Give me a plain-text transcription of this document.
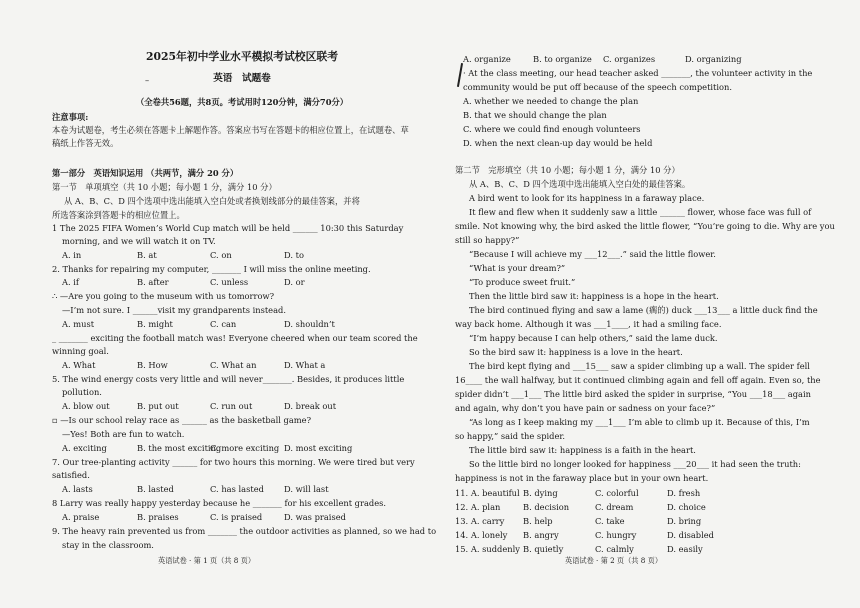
2025年初中学业水平模拟考试校区联考
–	英语　试题卷
（全卷共56题，共8页。考试用时120分钟，满分70分）
注意事项:
本卷为试题卷，考生必须在答题卡上解题作答。答案应书写在答题卡的相应位置上，在试题卷、草
稿纸上作答无效。
第一部分　英语知识运用 （共两节，满分 20 分）
第一节　单项填空（共 10 小题；每小题 1 分，满分 10 分）
从 A、B、C、D 四个选项中选出能填入空白处或者换划线部分的最佳答案，并将
所选答案涂到答题卡的相应位置上。
1 The 2025 FIFA Women’s World Cup match will be held ______ 10:30 this Saturday
morning, and we will watch it on TV.
A. in	B. at	C. on	D. to
2. Thanks for repairing my computer, _______ I will miss the online meeting.
A. if	B. after	C. unless	D. or
∴ —Are you going to the museum with us tomorrow?
—I’m not sure. I ______visit my grandparents instead.
A. must	B. might	C. can	D. shouldn’t
_ _______ exciting the football match was! Everyone cheered when our team scored the
winning goal.
A. What	B. How	C. What an	D. What a
5. The wind energy costs very little and will never_______. Besides, it produces little
pollution.
A. blow out	B. put out	C. run out	D. break out
▫ —Is our school relay race as ______ as the basketball game?
—Yes! Both are fun to watch.
A. exciting	B. the most exciting
C. more exciting D. most exciting
7. Our tree-planting activity ______ for two hours this morning. We were tired but very
satisfied.
A. lasts	B. lasted	C. has lasted D. will last
8 Larry was really happy yesterday because he _______ for his excellent grades.
A. praise	B. praises	C. is praised	D. was praised
9. The heavy rain prevented us from _______ the outdoor activities as planned, so we had to
stay in the classroom.
英语试卷 · 第 1 页（共 8 页）
A. organize	B. to organize C. organizes	D. organizing
· At the class meeting, our head teacher asked _______, the volunteer activity in the
community would be put off because of the speech competition.
A. whether we needed to change the plan
B. that we should change the plan
C. where we could find enough volunteers
D. when the next clean-up day would be held
第二节　完形填空（共 10 小题；每小题 1 分，满分 10 分）
从 A、B、C、D 四个选项中选出能填入空白处的最佳答案。
A bird went to look for its happiness in a faraway place.
It flew and flew when it suddenly saw a little ______ flower, whose face was full of
smile. Not knowing why, the bird asked the little flower, “You’re going to die. Why are you
still so happy?”
“Because I will achieve my ___12___.” said the little flower.
“What is your dream?”
“To produce sweet fruit.”
Then the little bird saw it: happiness is a hope in the heart.
The bird continued flying and saw a lame (瘸的) duck ___13___ a little duck find the
way back home. Although it was ___1____, it had a smiling face.
“I’m happy because I can help others,” said the lame duck.
So the bird saw it: happiness is a love in the heart.
The bird kept flying and ___15___ saw a spider climbing up a wall. The spider fell
16____ the wall halfway, but it continued climbing again and fell off again. Even so, the
spider didn’t ___1___ The little bird asked the spider in surprise, “You ___18___ again
and again, why don’t you have pain or sadness on your face?”
“As long as I keep making my ___1___ I’m able to climb up it. Because of this, I’m
so happy,” said the spider.
The little bird saw it: happiness is a faith in the heart.
So the little bird no longer looked for happiness ___20___ it had seen the truth:
happiness is not in the faraway place but in your own heart.
11. A. beautiful B. dying	C. colorful	D. fresh
12. A. plan	B. decision	C. dream	D. choice
13. A. carry B. help	C. take	D. bring
14. A. lonely B. angry	C. hungry	D. disabled
15. A. suddenly B. quietly	C. calmly	D. easily
英语试卷 · 第 2 页（共 8 页）
